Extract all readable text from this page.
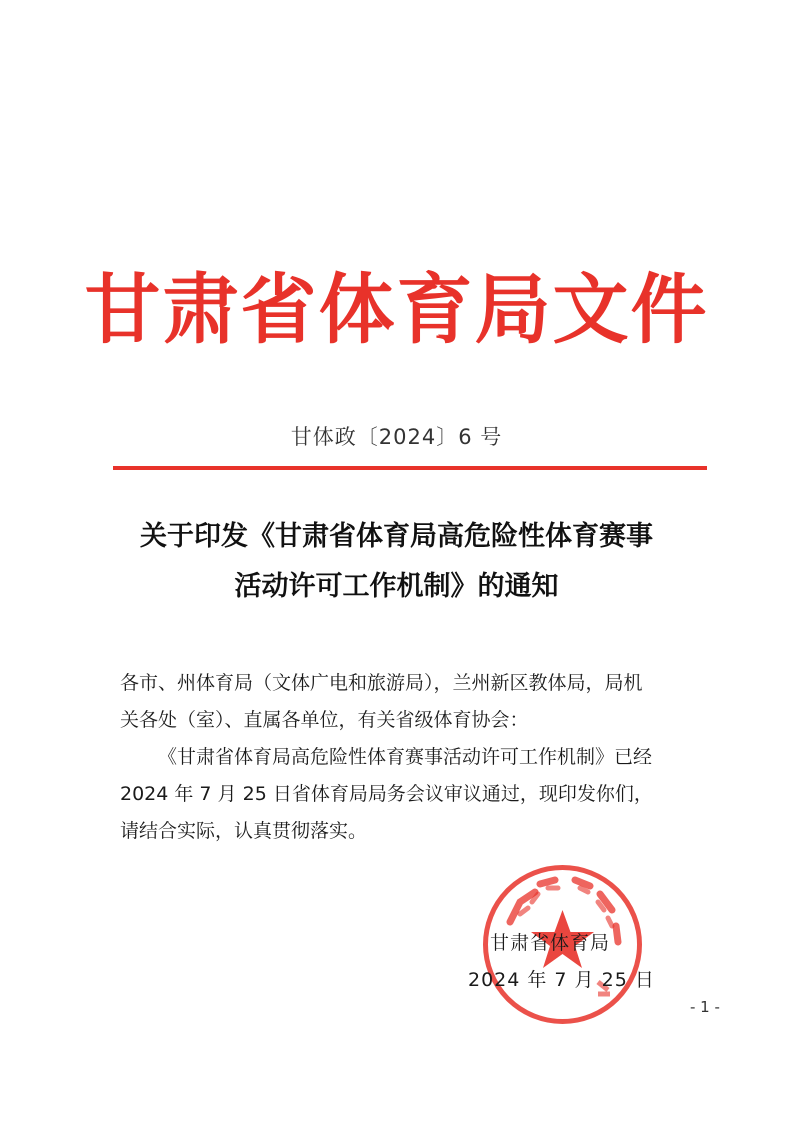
甘肃省体育局文件
甘体政〔2024〕6 号
关于印发《甘肃省体育局高危险性体育赛事
活动许可工作机制》的通知

各市、州体育局（文体广电和旅游局），兰州新区教体局，局机

关各处（室）、直属各单位，有关省级体育协会：

《甘肃省体育局高危险性体育赛事活动许可工作机制》已经

2024 年 7 月 25 日省体育局局务会议审议通过，现印发你们，

请结合实际，认真贯彻落实。

甘肃省体育局
2024 年 7 月 25 日
- 1 -
